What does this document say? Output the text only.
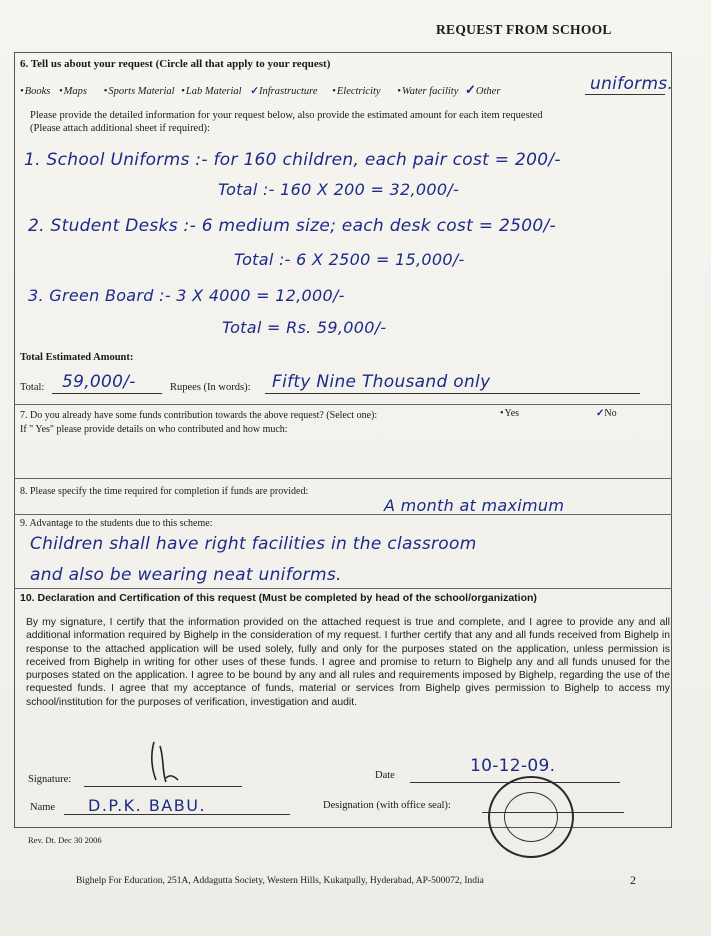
REQUEST FROM SCHOOL
6. Tell us about your request (Circle all that apply to your request)
• Books • Maps • Sports Material • Lab Material ✓Infrastructure • Electricity • Water facility ✓Other	uniforms.
Please provide the detailed information for your request below, also provide the estimated amount for each item requested
(Please attach additional sheet if required):
1. School Uniforms :- for 160 children, each pair cost = 200/-
Total :- 160 X 200 = 32,000/-
2. Student Desks :- 6 medium size; each desk cost = 2500/-
Total :- 6 X 2500 = 15,000/-
3. Green Board :- 3 X 4000 = 12,000/-
Total = Rs. 59,000/-
Total Estimated Amount:
Total: 59,000/-	Rupees (In words): Fifty Nine Thousand only
7. Do you already have some funds contribution towards the above request? (Select one):	• Yes	✓No
If " Yes" please provide details on who contributed and how much:
8. Please specify the time required for completion if funds are provided:
A month at maximum
9. Advantage to the students due to this scheme:
Children shall have right facilities in the classroom
and also be wearing neat uniforms.
10. Declaration and Certification of this request (Must be completed by head of the school/organization)
By my signature, I certify that the information provided on the attached request is true and complete, and I agree to provide any and all additional information required by Bighelp in the consideration of my request. I further certify that any and all funds received from Bighelp in response to the attached application will be used solely, fully and only for the purposes stated on the application, unless permission is received from Bighelp in writing for other uses of these funds. I agree and promise to return to Bighelp any and all funds unused for the purposes stated on the application. I agree to be bound by any and all rules and requirements imposed by Bighelp, regarding the use of the requested funds. I agree that my acceptance of funds, material or services from Bighelp gives permission to Bighelp to access my school/institution for the purposes of verification, investigation and audit.
Signature:	Date	10-12-09.
Name D.P.K. BABU.	Designation (with office seal):
Rev. Dt. Dec 30 2006
Bighelp For Education, 251A, Addagutta Society, Western Hills, Kukatpally, Hyderabad, AP-500072, India	2
